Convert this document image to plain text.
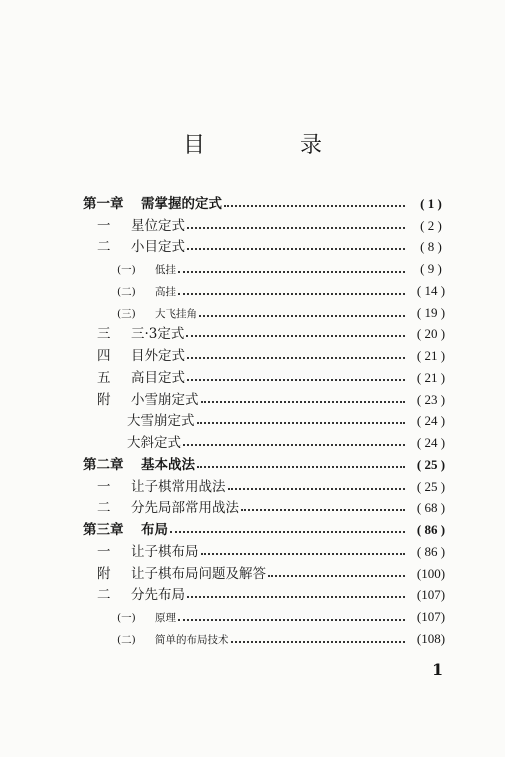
目 录
第一章	需掌握的定式	( 1 )
一	星位定式	( 2 )
二	小目定式	( 8 )
(一)	低挂	( 9 )
(二)	高挂	( 14 )
(三)	大飞挂角	( 19 )
三	三·3定式	( 20 )
四	目外定式	( 21 )
五	高目定式	( 21 )
附	小雪崩定式	( 23 )
大雪崩定式	( 24 )
大斜定式	( 24 )
第二章	基本战法	( 25 )
一	让子棋常用战法	( 25 )
二	分先局部常用战法	( 68 )
第三章	布局	( 86 )
一	让子棋布局	( 86 )
附	让子棋布局问题及解答	(100)
二	分先布局	(107)
(一)	原理	(107)
(二)	简单的布局技术	(108)
1
